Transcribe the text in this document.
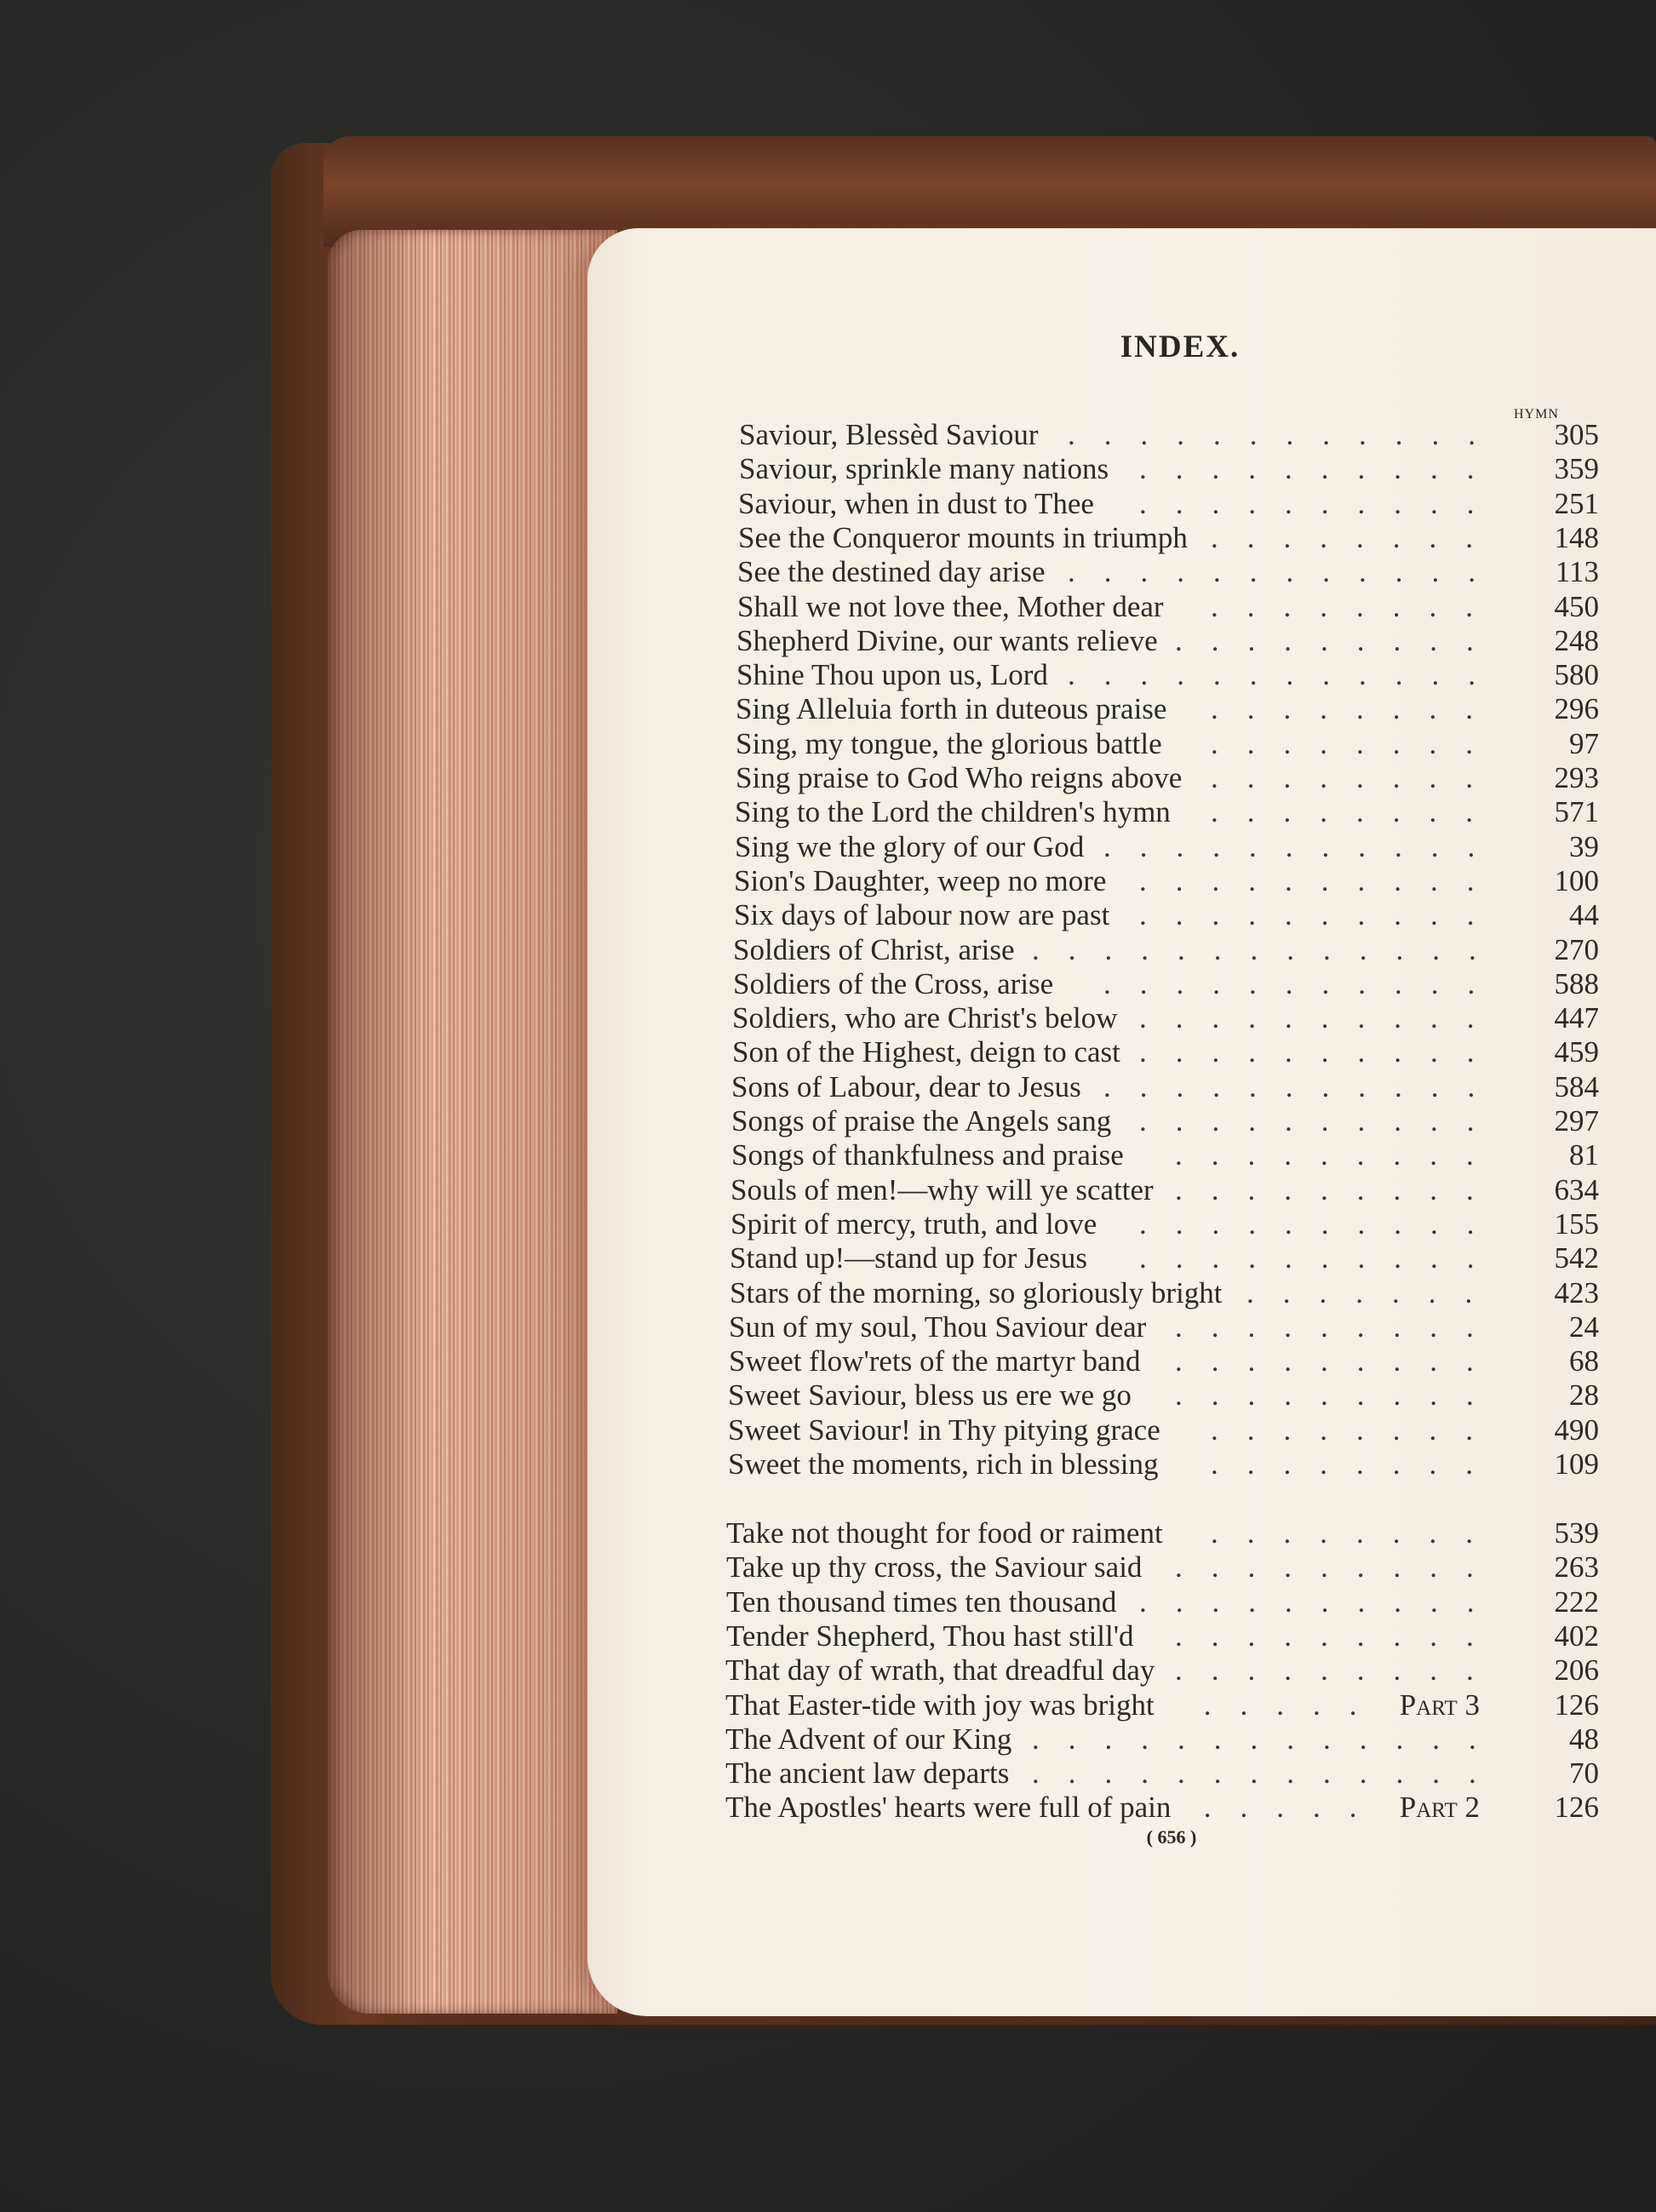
INDEX.
HYMN
Saviour, Blessèd Saviour ............	305
Saviour, sprinkle many nations ..........	359
Saviour, when in dust to Thee ..........	251
See the Conqueror mounts in triumph ........	148
See the destined day arise ............	113
Shall we not love thee, Mother dear ........	450
Shepherd Divine, our wants relieve .........	248
Shine Thou upon us, Lord ............	580
Sing Alleluia forth in duteous praise ........	296
Sing, my tongue, the glorious battle ........	97
Sing praise to God Who reigns above ........	293
Sing to the Lord the children's hymn ........	571
Sing we the glory of our God ...........	39
Sion's Daughter, weep no more ..........	100
Six days of labour now are past ..........	44
Soldiers of Christ, arise .............	270
Soldiers of the Cross, arise ...........	588
Soldiers, who are Christ's below ..........	447
Son of the Highest, deign to cast ..........	459
Sons of Labour, dear to Jesus ...........	584
Songs of praise the Angels sang ..........	297
Songs of thankfulness and praise .........	81
Souls of men!—why will ye scatter .........	634
Spirit of mercy, truth, and love ..........	155
Stand up!—stand up for Jesus ..........	542
Stars of the morning, so gloriously bright .......	423
Sun of my soul, Thou Saviour dear .........	24
Sweet flow'rets of the martyr band .........	68
Sweet Saviour, bless us ere we go .........	28
Sweet Saviour! in Thy pitying grace ........	490
Sweet the moments, rich in blessing ........	109
Take not thought for food or raiment ........	539
Take up thy cross, the Saviour said .........	263
Ten thousand times ten thousand ..........	222
Tender Shepherd, Thou hast still'd .........	402
That day of wrath, that dreadful day .........	206
That Easter-tide with joy was bright ..... Part 3	126
The Advent of our King .............	48
The ancient law departs .............	70
The Apostles' hearts were full of pain ..... Part 2	126
( 656 )
